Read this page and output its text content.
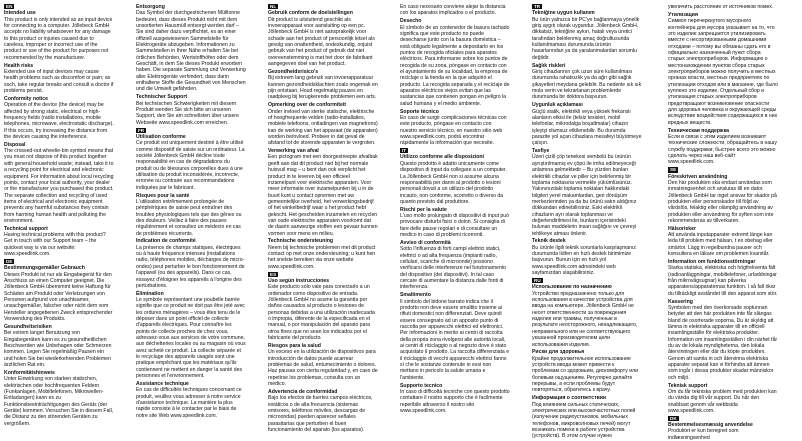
EN
Intended use
This product is only intended as an input device for connecting to a computer. Jöllebeck GmbH accepts no liability whatsoever for any damage to this product or injuries caused due to careless, improper or incorrect use of the product or use of the product for purposes not recommended by the manufacturer.
Health risks
Extended use of input devices may cause health problems such as discomfort or pain; as such, take regular breaks and consult a doctor if problems persist.
Conformity notice
Operation of the device (the device) may be affected by strong static, electrical or high-frequency fields (radio installations, mobile telephones, microwave, electrostatic discharge). If this occurs, try increasing the distance from the devices causing the interference.
Disposal
The crossed-out wheelie-bin symbol means that you must not dispose of this product together with general household waste; instead, take it to a recycling point for electrical and electronic equipment. For information about local recycling points, contact your local authority, your dealer or the manufacturer you purchased this product. The separate collection and recycling of used items of electrical and electronic equipment prevents any harmful substances they contain from harming human health and polluting the environment.
Technical support
Having technical problems with this product? Get in touch with our Support team – the quickest way is via our website: www.speedlink.com.
DE
Bestimmungsgemäßer Gebrauch
Dieses Produkt ist nur als Eingabegerät für den Anschluss an einen Computer geeignet. Die Jöllenbeck GmbH übernimmt keine Haftung für Schäden am Produkt oder Verletzungen von Personen aufgrund von unachtsamer, unsachgemäßer, falscher oder nicht dem vom Hersteller angegebenen Zweck entsprechender Verwendung des Produkts.
Gesundheitsrisiken
Bei extrem langer Benutzung von Eingabegeräten kann es zu gesundheitlichen Beschwerden wie Unbehagen oder Schmerzen kommen. Legen Sie regelmäßig Pausen ein und holen Sie bei wiederkehrenden Problemen ärztlichen Rat ein.
Konformitätshinweis
Unter Einwirkung von starken statischen, elektrischen oder hochfrequenten Feldern (Funkanlagen, Mobiltelefonen, Mikrowellen-Entladungen) kann es zu Funktionsbeeinträchtigungen des Geräts (der Geräte) kommen. Versuchen Sie in diesem Fall, die Distanz zu den störenden Geräten zu vergrößern.
Entsorgung
Das Symbol der durchgestrichenen Mülltonne bedeutet, dass dieses Produkt nicht mit dem unsortierten Hausmüll entsorgt werden darf – Sie sind daher dazu verpflichtet, es an einer offiziell ausgewiesenen Sammelstelle für Elektrogeräte abzugeben. Informationen zu Sammelstellen in Ihrer Nähe erhalten Sie bei örtlichen Behörden, Wertstoffhöfen oder dem Geschäft, in dem Sie dieses Produkt erworben haben. Die separate Sammlung und Verwertung alter Elektrogeräte verhindert, dass darin enthaltene Stoffe die Gesundheit von Menschen und die Umwelt gefährden.
Technischer Support
Bei technischen Schwierigkeiten mit diesem Produkt wenden Sie sich bitte an unseren Support, den Sie am schnellsten über unsere Webseite www.speedlink.com erreichen.
FR
Utilisation conforme
Ce produit est uniquement destiné à être utilisé comme dispositif de saisie sur un ordinateur. La société Jöllenbeck GmbH décline toute responsabilité en cas de dégradations du produit ou de blessures corporelles dues à une utilisation du produit inconsidérée, incorrecte, erronée ou contraire aux recommandations indiquées par le fabricant.
Risques pour la santé
L'utilisation extrêmement prolongée de périphériques de saisie peut entraîner des troubles physiologiques tels que des gênes ou des douleurs. Veillez à faire des pauses régulièrement et consultez un médecin en cas de problèmes récurrents.
Indication de conformité
La présence de champs statiques, électriques ou à haute fréquence intenses (installations radio, téléphones mobiles, décharges de micro-ondes) peut perturber le bon fonctionnement de l'appareil (ou des appareils). Dans ce cas, essayez d'éloigner les appareils à l'origine des perturbations.
Élimination
Le symbole représentant une poubelle barrée signifie que ce produit ne doit pas être jeté avec les ordures ménagères – vous êtes tenu de le déposer dans un point officiel de collecte d'appareils électriques. Pour connaître les points de collecte proches de chez vous, adressez-vous aux services de votre commune, aux déchetteries locales ou au magasin où vous avez acheté ce produit. La collecte séparée et le recyclage des appareils usagés sont une pratique empêchant que les matériaux qu'ils contiennent ne mettent en danger la santé des personnes et l'environnement.
Assistance technique
En cas de difficultés techniques concernant ce produit, veuillez vous adresser à notre service d'assistance technique. La manière la plus rapide consiste à le contacter par le biais de notre site Web www.speedlink.com.
NL
Gebruik conform de doelstellingen
Dit product is uitsluitend geschikt als invoerapparaat voor aansluiting op een pc. Jöllenbeck GmbH is niet aansprakelijk voor schade aan het product of persoonlijk letsel als gevolg van onattentheid, ondeskundig, onjuist gebruik van het product of gebruik dat niet overeenstemming is met het door de fabrikant aangegeven doel van het product.
Gezondheidsrisico's
Bij extreem lang gebruik van invoerapparatuur kunnen gezondheidsklachten zoals ongemak en pijn ontstaan. Houd regelmatig pauzes en raadpleeg bij terugkerende problemen een arts.
Opmerking over de conformiteit
Onder invloed van sterke statische, elektrische of hoogfrequente velden (radio-installaties, mobiele telefoons, ontladingen van magnetrons) kan de werking van het apparaat (de apparaten) worden beïnvloed. Probeer in dat geval de afstand tot de storende apparaten te vergroten.
Verwerking van afval
Een pictogram met een doorgestreepte afvalbak geeft aan dat dit product niet bij het normale huisvuil mag – u bent dan ook verplicht het product in te leveren bij een officieel inzamelpunt voor elektrische apparaten. Voor meer informatie over inzamelpunten bij u in de buurt kunt u contact opnemen met uw gemeentelijke overheid, het verwerkingsbedrijf of het winkelbedrijf waar u het product hebt gekocht. Het gescheiden inzamelen en recyclen van oude elektrische apparaten voorkomt dat de daarin aanwezige stoffen een gevaar kunnen vormen voor mens en milieu.
Technische ondersteuning
Neem bij technische problemen met dit product contact op met onze ondersteuning; u kunt hen het snelste bereiken via onze website www.speedlink.com.
ES
Uso según instrucciones
Este producto sólo vale para conectarlo a un ordenador como dispositivo de entrada. Jöllenbeck GmbH no asume la garantía por daños causados al producto o lesiones de personas debidas a una utilización inadecuada o impropia, diferente de la especificada en el manual, o por manipulación del aparato para otros fines que no sean los indicados por el fabricante del producto.
Riesgos para la salud
Un exceso en la utilización de dispositivos para introducción de datos puede acarrear problemas de salud, entumecimiento o dolores. Haz pausas con cierta regularidad y, en caso de repetirse los problemas, consulta con un médico.
Advertencia de conformidad
Bajo los efectos de fuertes campos eléctricos, estáticos o de alta frecuencia (sistemas emisores, teléfonos móviles, descargas de microondas) pueden aparecer señales parasitarias que perturben el buen funcionamiento del aparato (los aparatos).
En caso necesario conviene alejar la distancia con los aparatos implicados o el producto.
Desecho
El símbolo de un contenedor de basura tachado significa que este producto no puede desecharse junto con la basura doméstica – está obligado legalmente a depositarlo en los puntos de recogida oficiales para aparatos eléctricos. Para informarse sobre los puntos de recogida de su zona, póngase en contacto con el ayuntamiento de su localidad, la empresa de reciclaje o la tienda en la que adquirió el producto. La recogida separada y el reciclaje de aparatos eléctricos viejos evitan que las sustancias que contienen pongan en peligro la salud humana y el medio ambiente.
Soporte técnico
En caso de surgir complicaciones técnicas con este producto, póngase en contacto con nuestro servicio técnico, en nuestro sitio web www.speedlink.com, podrá encontrar rápidamente la información que necesite.
IT
Utilizzo conforme alle disposizioni
Questo prodotto è adatto unicamente come dispositivo di input da collegare a un computer. La Jöllenbeck GmbH non si assume alcuna responsabilità per danni al prodotto o lesioni personali dovuti a un utilizzo del prodotto incauto, non conforme, scorretto o diverso da quanto previsto dal produttore.
Rischi per la salute
L'uso molto prolungato di dispositivi di input può provocare disturbi fisici o dolori. Si consiglia di fare delle pause regolari e di consultare un medico in caso di problemi ricorrenti.
Avviso di conformità
Sotto l'influenza di forti campi elettrici statici, elettrici o ad alta frequenza (impianti radio, cellulari, scariche di microonde) possono verificarsi delle interferenze nel funzionamento del dispositivo (dei dispositivi). In tal caso cercare di aumentare la distanza dalle fonti di interferenza.
Smaltimento
Il simbolo del bidone barrato indica che il prodotto non deve essere smaltito insieme ai rifiuti domestici non differenziati. Deve quindi essere consegnato ad un apposito punto di raccolta per apparecchi elettrici ed elettronici. Per informazioni in merito ai centri di raccolta della propria zona rivolgersi alle autorità locali, ai centri di riciclaggio o al negozio dove è stato acquistato il prodotto. La raccolta differenziata e il riciclaggio di vecchi apparecchi elettrici fanno sì che le sostanze contenute in essi non mettano in pericolo la salute umana e l'ambiente.
Supporto tecnico
In caso di difficoltà tecniche con questo prodotto contattare il nostro supporto che è facilmente reperibile attraverso il nostro sito www.speedlink.com.
TR
Tekniğine uygun kullanım
Bu ürün yalnızca bir PC'ye bağlanmaya yönelik giriş aygıtı olarak uygundur. Jöllenbeck GmbH, dikkatsiz, tekniğine aykırı, hatalı veya üretici tarafından belirlenmiş amaç doğrultusunda kullanılmaması durumunda ürünün hasarlarından ya da yaralanmalardan sorumlu değildir.
Sağlık riskleri
Giriş cihazlarının çok uzun süre kullanılması durumunda rahatsızlık ya da ağrı gibi sağlık şikayetleri meydana gelebilir. Bu nedenle sık sık mola verin ve tekrarlanan problemlerde durumunda bir doktora başvurun.
Uygunluk açıklaması
Güçlü statik, elektrikli veya yüksek frekanslı alanların etkisi ile (telsiz tesisleri, mobil telefonlar, mikrodalga boşaltmalar) cihazın işleyişi olumsuz etkilenebilir. Bu durumda parazite yol açan cihazlara mesafeyi büyütmeye çalışın.
Tasfiye
Üzeri çizili çöp tenekesi sembolü bu ürünün ayrıştırılmamış ev çöpü ile imha edilmeyeceği anlamına gelmektedir – Bu yüzden bunları elektrikli cihazlar ve piller için belirlenmiş bir toplama noktasına vermekle yükümlüsünüz. Yakınınızdaki toplama noktaları hakkındaki bilgileri yerel makamlardan, geri dönüşüm merkezlerinden ya da bu ürünü satın aldığınız dükkandan edinebilirsiniz. Eski elektrikli cihazların ayrı olarak toplanması ve değerlendirilmesi ile, bunların içerisindeki bulunan maddelerin insan sağlığını ve çevreyi tehlikeye atması önlenir.
Teknik destek
Bu ürünle ilgili teknik sorunlarla karşılaşmanız durumunda lütfen en hızlı destek birimimize başvurun. Bunun için en hızlı yol www.speedlink.com adresindeki web sayfamızdan ulaşabilirsiniz.
RU
Использование по назначению
Устройство предназначено только для использования в качестве устройства для ввода на компьютере. Jöllenbeck GmbH не несет ответственности за повреждения изделия или травмы, полученные в результате неосторожного, ненадлежащего, неправильного или не соответствующего указанной производителем цели использования изделия.
Риски для здоровья
Крайне продолжительное использование устройств ввода может привести к проблемам со здоровьем, дискомфорту или болевым ощущениям. Регулярно делайте перерывы, а если проблемы будут повторяться, обратитесь к врачу.
Информация о соответствии
Под влиянием сильных статических, электрических или высокочастотных полей (излучение радиоустановок, мобильных телефонов, микроволновых печей) могут возникать помехи в работе устройства (устройств). В этом случае нужно
увеличить расстояние от источников помех.
Утилизация
Символ перечеркнутого мусорного контейнера для мусора указывает на то, что это изделие запрещается утилизировать вместе с несортированными домашними отходами – потому вы обязаны сдать его в официально назначенный пункт сбора старых электроприборов. Информацию о местонахождении пунктов сбора старых электроприборов можно получить в местных органах власти, местных предприятиях по утилизации отходов или в магазине, где было куплено это изделие. Отдельный сбор и утилизация старых электроприборов предотвращают возникновение опасности для здоровья человека и окружающей среды вследствие воздействия содержащихся в них вредных веществ.
Техническая поддержка
Если в связи с этим изделием возникают технические сложности, обращайтесь в нашу службу поддержки; быстрее всего это можно сделать через наш веб-сайт www.speedlink.com.
SE
Föreskriven användning
Den här produkten ska endast användas som inmatningsenhet och anslutas till en dator. Jöllenbeck GmbH tar inget ansvar för skador på produkten eller personskador till följd av vårdslös, felaktig eller olämplig användning av produkten eller användning för syften som inte rekommenderas av tillverkaren.
Hälsorisker
Att använda inputapparater extremt länge kan leda till problem med hälsan, t ex obehag eller smärtor. Lägg in regelbundna pauser och konsultera en läkare om problemen kvarstår.
Information om funktionsstörningar
Starka statiska, elektriska och högfrekventa fält (radioanläggningar, mobiltelefoner, urladdningar från mikrovågsugnar) kan påverka apparatens/apparaternas funktion. I så fall ökar du tillräckligt avståndet till den apparat som stör.
Kassering
Symbolen med den överkorsade soptunnan betyder att den här produkten inte får slängas bland de osorterade soporna. Du är skyldig att lämna in elektriska apparater till en officiell insamlingsställe för elektriska produkter. Information om insamlingsställen i din närhet får du av de lokala myndigheterna, den lokala återvinningen eller där du köpte produkten. Genom att samla in och återvinna elektriska apparater separat kan vi förhindra att ämnen som ingår i dessa produkter skadar människor och miljö.
Teknisk support
Om du får tekniska problem med produkten kan du vända dig till vår support. Du når den snabbast genom vår webbsida www.speedlink.com.
DK
Bestemmelsesmæssig anvendelse
Produktet er kun beregnet som indlæsningsenhed
